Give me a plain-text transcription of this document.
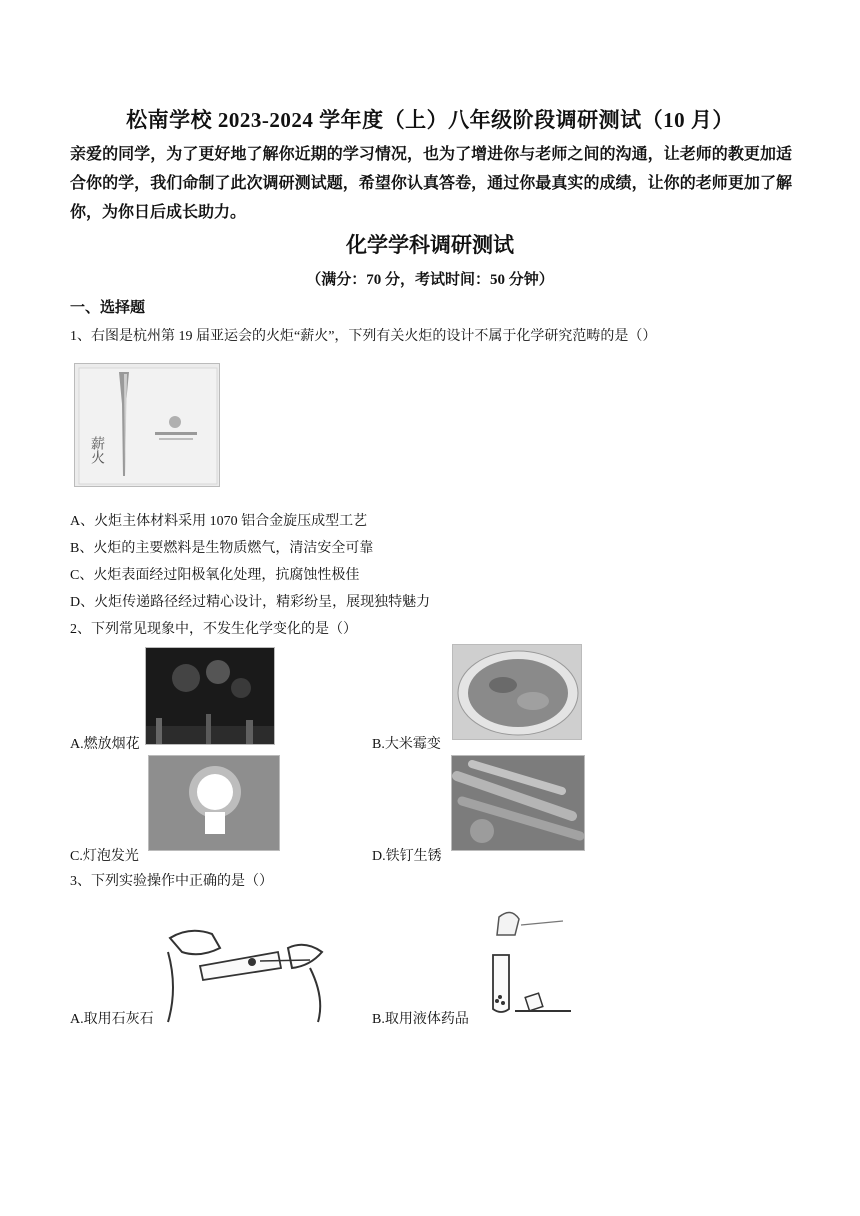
松南学校 2023-2024 学年度（上）八年级阶段调研测试（10 月）
亲爱的同学，为了更好地了解你近期的学习情况，也为了增进你与老师之间的沟通，让老师的教更加适合你的学，我们命制了此次调研测试题，希望你认真答卷，通过你最真实的成绩，让你的老师更加了解你，为你日后成长助力。
化学学科调研测试
（满分：70 分，考试时间：50 分钟）
一、选择题
1、右图是杭州第 19 届亚运会的火炬“薪火”，下列有关火炬的设计不属于化学研究范畴的是（）
薪火
A、火炬主体材料采用 1070 铝合金旋压成型工艺
B、火炬的主要燃料是生物质燃气，清洁安全可靠
C、火炬表面经过阳极氧化处理，抗腐蚀性极佳
D、火炬传递路径经过精心设计，精彩纷呈，展现独特魅力
2、下列常见现象中，不发生化学变化的是（）
A.燃放烟花	B.大米霉变
C.灯泡发光	D.铁钉生锈
3、下列实验操作中正确的是（）
A.取用石灰石	B.取用液体药品
